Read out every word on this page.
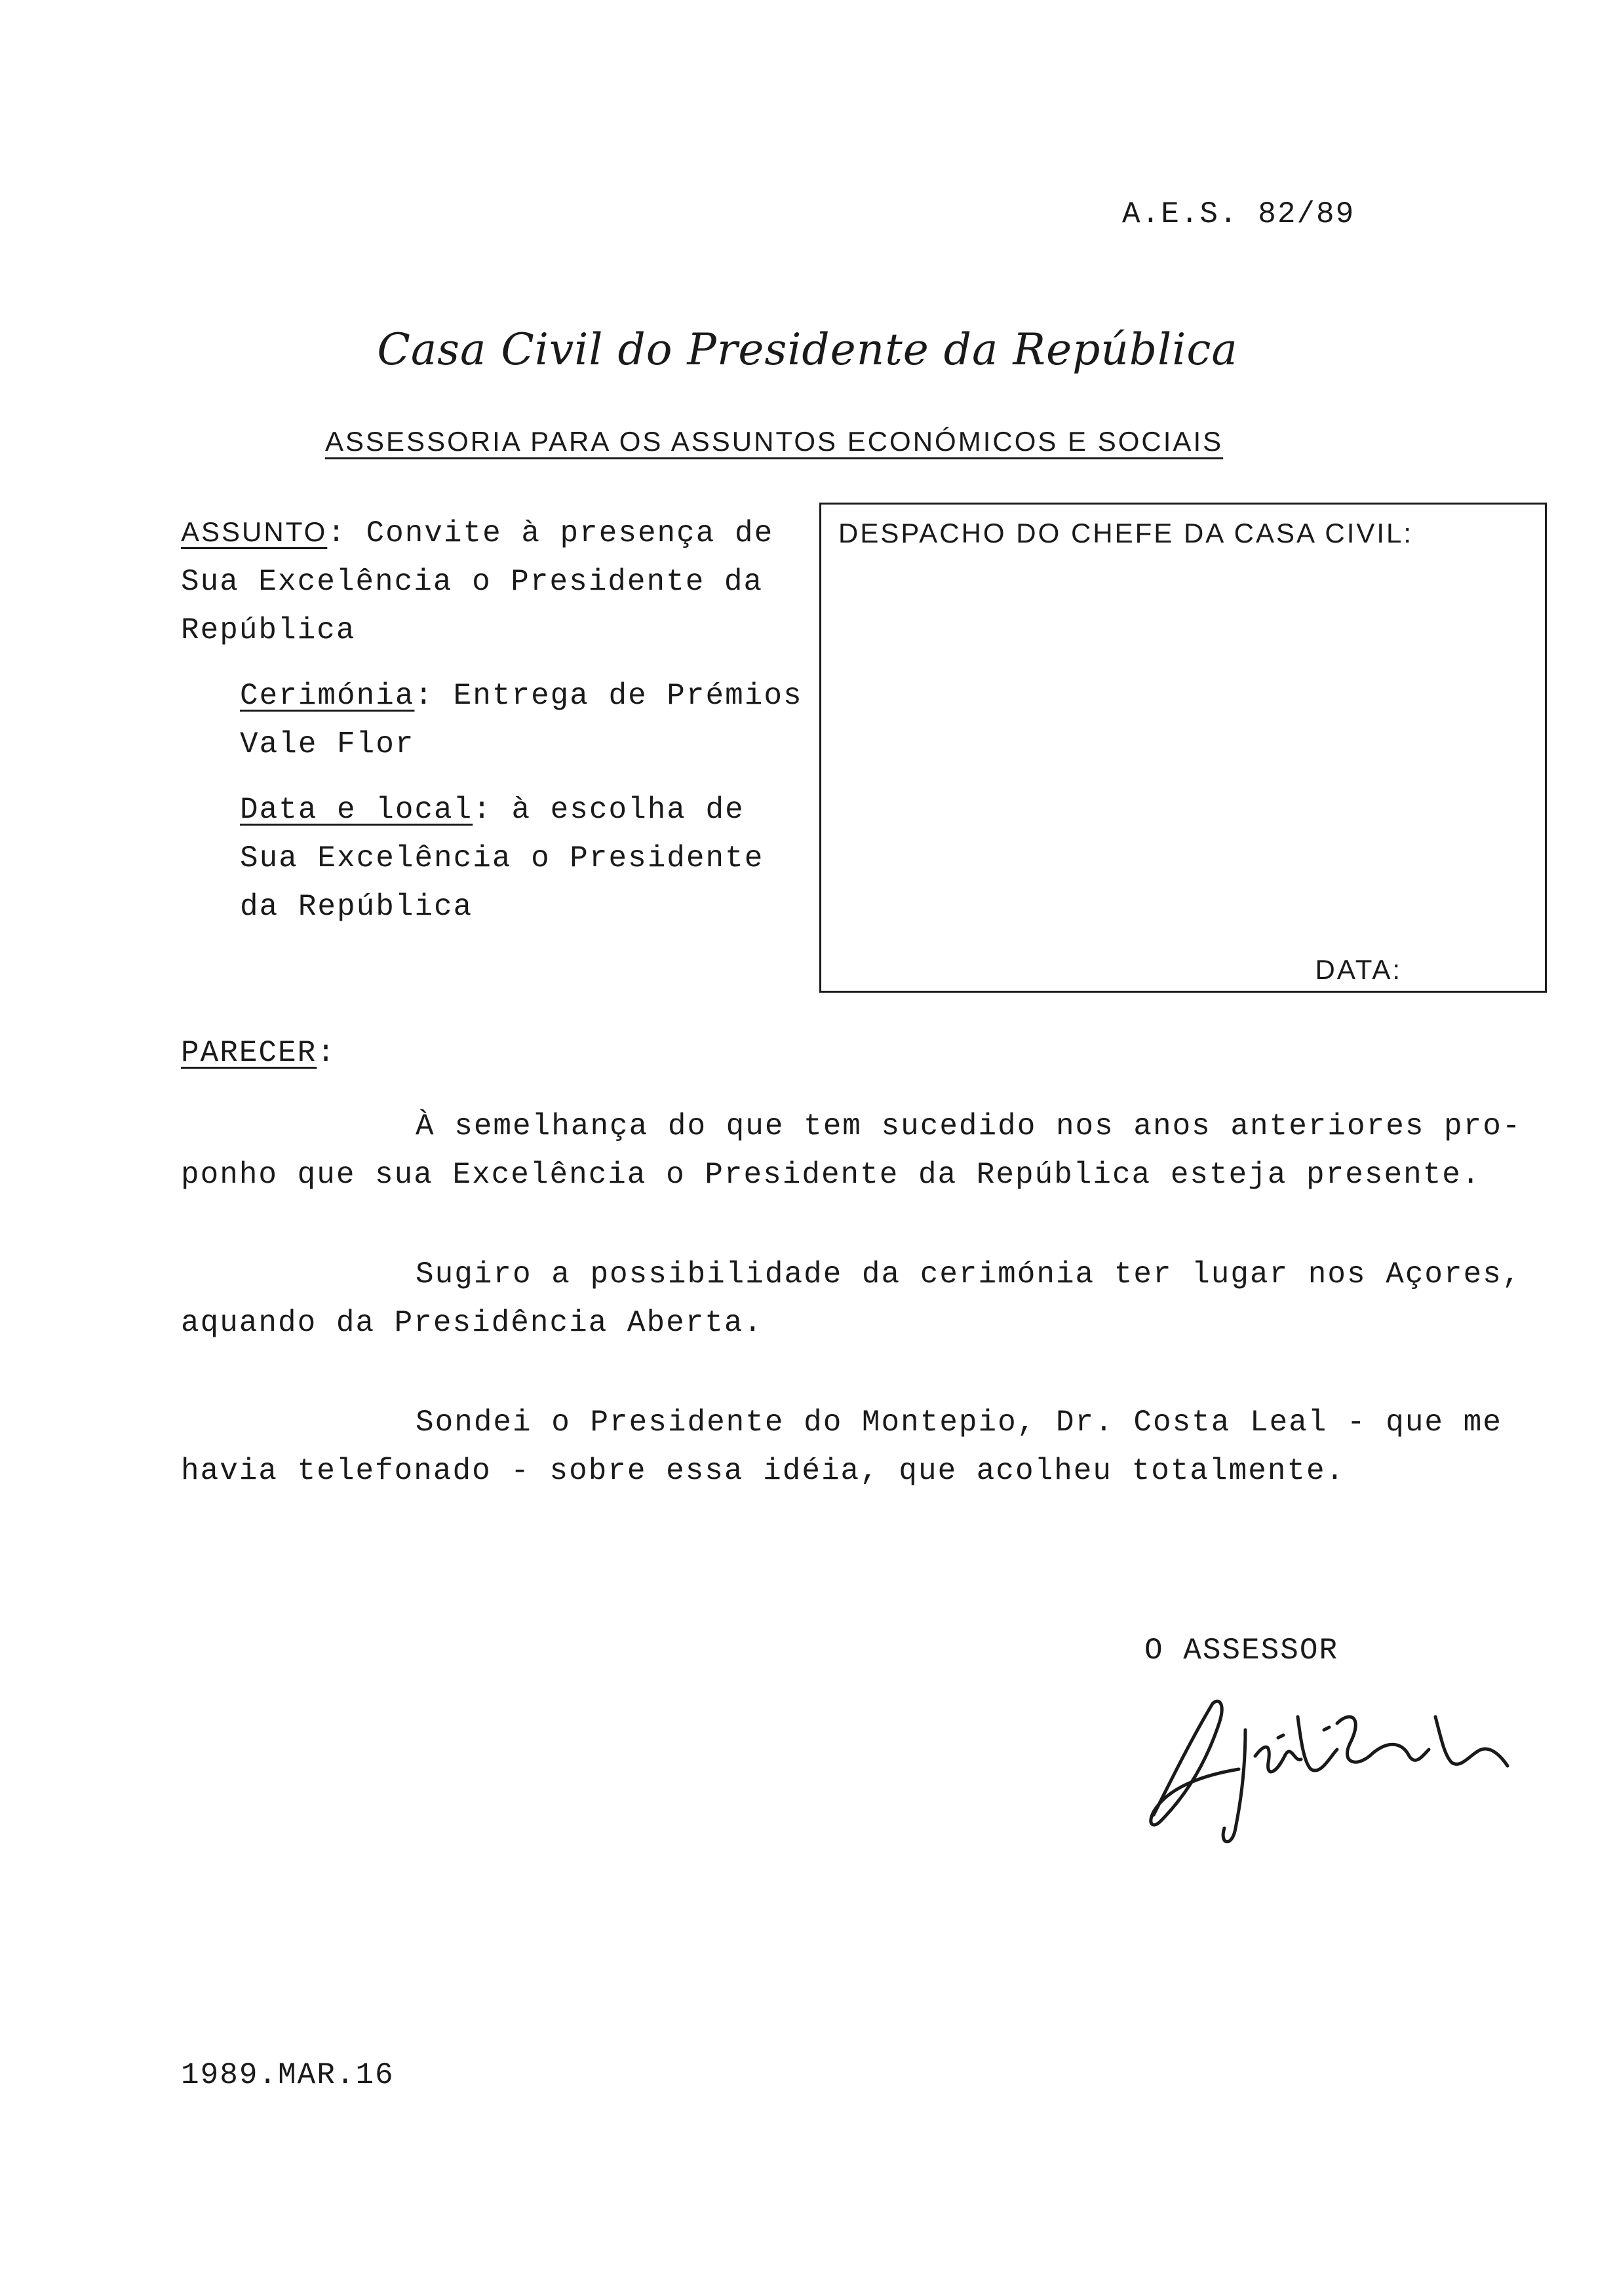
A.E.S. 82/89
Casa Civil do Presidente da República
ASSESSORIA PARA OS ASSUNTOS ECONÓMICOS E SOCIAIS
ASSUNTO: Convite à presença de
Sua Excelência o Presidente da
República
Cerimónia: Entrega de Prémios
Vale Flor
Data e local: à escolha de
Sua Excelência o Presidente
da República
DESPACHO DO CHEFE DA CASA CIVIL:
DATA:
PARECER:
À semelhança do que tem sucedido nos anos anteriores pro-
ponho que sua Excelência o Presidente da República esteja presente.
Sugiro a possibilidade da cerimónia ter lugar nos Açores,
aquando da Presidência Aberta.
Sondei o Presidente do Montepio, Dr. Costa Leal - que me
havia telefonado - sobre essa idéia, que acolheu totalmente.
O ASSESSOR
1989.MAR.16
